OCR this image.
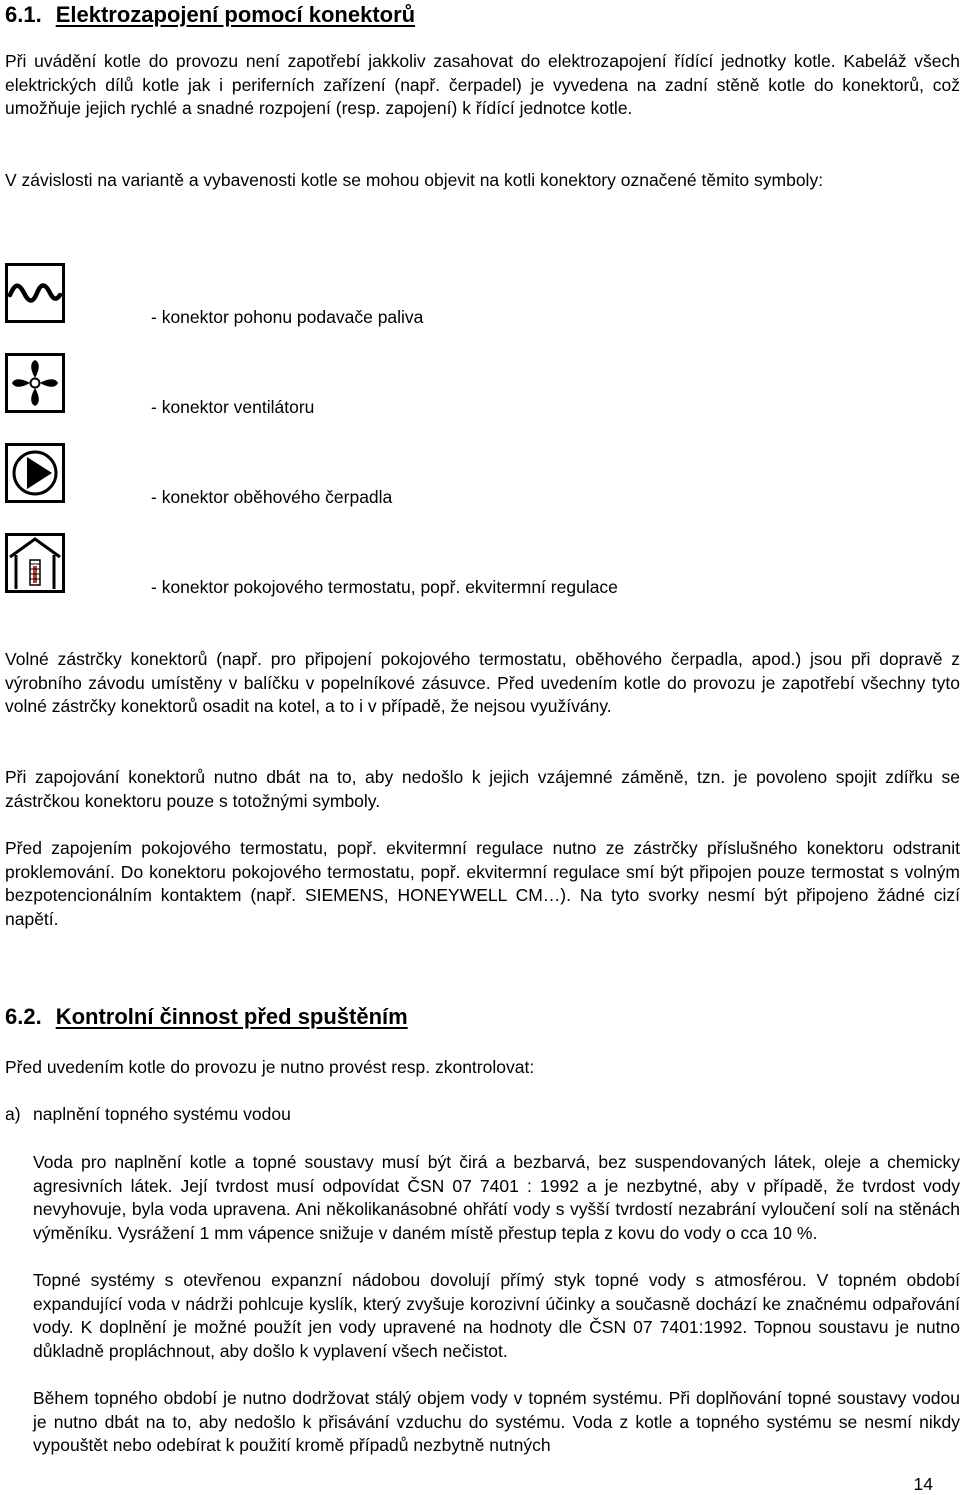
6.1. Elektrozapojení pomocí konektorů
Při uvádění kotle do provozu není zapotřebí jakkoliv zasahovat do elektrozapojení řídící jednotky kotle. Kabeláž všech elektrických dílů kotle jak i periferních zařízení (např. čerpadel) je vyvedena na zadní stěně kotle do konektorů, což umožňuje jejich rychlé a snadné rozpojení (resp. zapojení) k řídící jednotce kotle.
V závislosti na variantě a vybavenosti kotle se mohou objevit na kotli konektory označené těmito symboly:
- konektor pohonu podavače paliva
- konektor ventilátoru
- konektor oběhového čerpadla
- konektor pokojového termostatu, popř. ekvitermní regulace
Volné zástrčky konektorů (např. pro připojení pokojového termostatu, oběhového čerpadla, apod.) jsou při dopravě z výrobního závodu umístěny v balíčku v popelníkové zásuvce. Před uvedením kotle do provozu je zapotřebí všechny tyto volné zástrčky konektorů osadit na kotel, a to i v případě, že nejsou využívány.
Při zapojování konektorů nutno dbát na to, aby nedošlo k jejich vzájemné záměně, tzn. je povoleno spojit zdířku se zástrčkou konektoru pouze s totožnými symboly.
Před zapojením pokojového termostatu, popř. ekvitermní regulace nutno ze zástrčky příslušného konektoru odstranit proklemování. Do konektoru pokojového termostatu, popř. ekvitermní regulace smí být připojen pouze termostat s volným bezpotencionálním kontaktem (např. SIEMENS, HONEYWELL CM…). Na tyto svorky nesmí být připojeno žádné cizí napětí.
6.2. Kontrolní činnost před spuštěním
Před uvedením kotle do provozu je nutno provést resp. zkontrolovat:
a) naplnění topného systému vodou
Voda pro naplnění kotle a topné soustavy musí být čirá a bezbarvá, bez suspendovaných látek, oleje a chemicky agresivních látek. Její tvrdost musí odpovídat ČSN 07 7401 : 1992 a je nezbytné, aby v případě, že tvrdost vody nevyhovuje, byla voda upravena. Ani několikanásobné ohřátí vody s vyšší tvrdostí nezabrání vyloučení solí na stěnách výměníku. Vysrážení 1 mm vápence snižuje v daném místě přestup tepla z kovu do vody o cca 10 %.
Topné systémy s otevřenou expanzní nádobou dovolují přímý styk topné vody s atmosférou. V topném období expandující voda v nádrži pohlcuje kyslík, který zvyšuje korozivní účinky a současně dochází ke značnému odpařování vody. K doplnění je možné použít jen vody upravené na hodnoty dle ČSN 07 7401:1992. Topnou soustavu je nutno důkladně propláchnout, aby došlo k vyplavení všech nečistot.
Během topného období je nutno dodržovat stálý objem vody v topném systému. Při doplňování topné soustavy vodou je nutno dbát na to, aby nedošlo k přisávání vzduchu do systému. Voda z kotle a topného systému se nesmí nikdy vypouštět nebo odebírat k použití kromě případů nezbytně nutných
14
